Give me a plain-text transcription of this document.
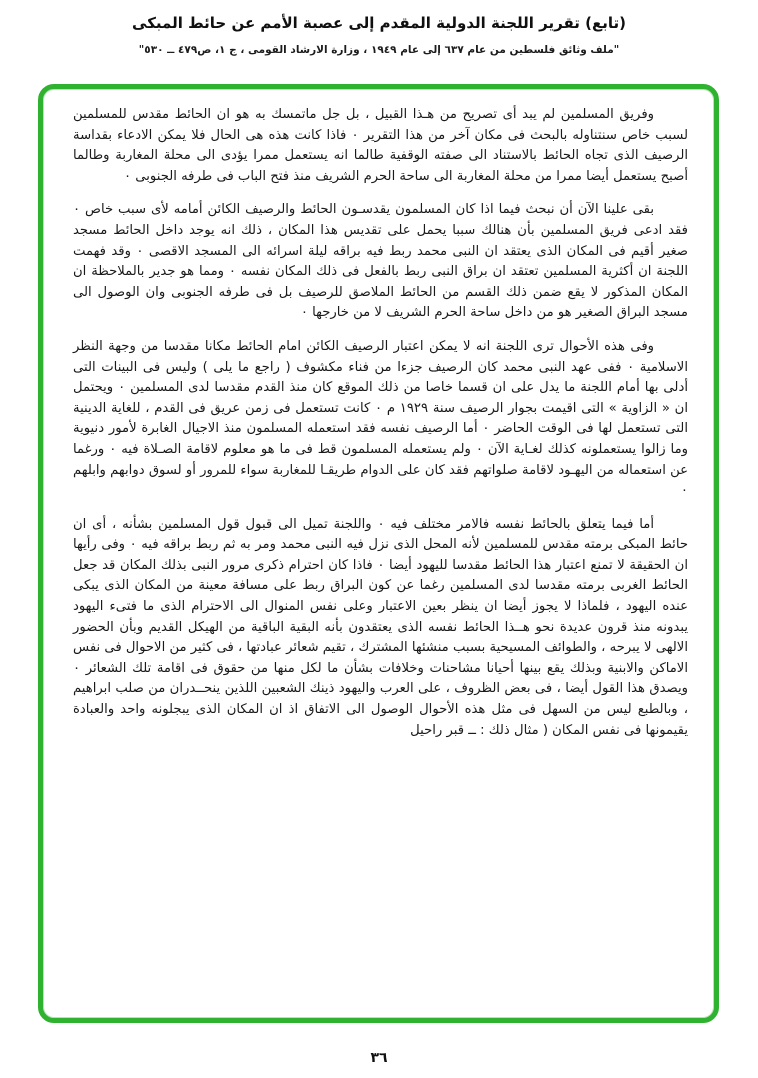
(تابع) تقرير اللجنة الدولية المقدم إلى عصبة الأمم عن حائط المبكى
"ملف وثائق فلسطين من عام ٦٣٧ إلى عام ١٩٤٩ ، وزارة الارشاد القومى ، ج ١، ص٤٧٩ ــ ٥٣٠"

وفريق المسلمين لم يبد أى تصريح من هـذا القبيل ، بل جل ماتمسك به هو ان الحائط مقدس للمسلمين لسبب خاص سنتناوله بالبحث فى مكان آخر من هذا التقرير ۰ فاذا كانت هذه هى الحال فلا يمكن الادعاء بقداسة الرصيف الذى تجاه الحائط بالاستناد الى صفته الوقفية طالما انه يستعمل ممرا يؤدى الى محلة المغاربة وطالما أصبح يستعمل أيضا ممرا من محلة المغاربة الى ساحة الحرم الشريف منذ فتح الباب فى طرفه الجنوبى ۰

بقى علينا الآن أن نبحث فيما اذا كان المسلمون يقدسـون الحائط والرصيف الكائن أمامه لأى سبب خاص ۰ فقد ادعى فريق المسلمين بأن هنالك سببا يحمل على تقديس هذا المكان ، ذلك انه يوجد داخل الحائط مسجد صغير أقيم فى المكان الذى يعتقد ان النبى محمد ربط فيه براقه ليلة اسرائه الى المسجد الاقصى ۰ وقد فهمت اللجنة ان أكثرية المسلمين تعتقد ان براق النبى ربط بالفعل فى ذلك المكان نفسه ۰ ومما هو جدير بالملاحظة ان المكان المذكور لا يقع ضمن ذلك القسم من الحائط الملاصق للرصيف بل فى طرفه الجنوبى وان الوصول الى مسجد البراق الصغير هو من داخل ساحة الحرم الشريف لا من خارجها ۰

وفى هذه الأحوال ترى اللجنة انه لا يمكن اعتبار الرصيف الكائن امام الحائط مكانا مقدسا من وجهة النظر الاسلامية ۰ ففى عهد النبى محمد كان الرصيف جزءا من فناء مكشوف ( راجع ما يلى ) وليس فى البينات التى أدلى بها أمام اللجنة ما يدل على ان قسما خاصا من ذلك الموقع كان منذ القدم مقدسا لدى المسلمين ۰ ويحتمل ان « الزاوية » التى اقيمت بجوار الرصيف سنة ١٩٢٩ م ۰ كانت تستعمل فى زمن عريق فى القدم ، للغاية الدينية التى تستعمل لها فى الوقت الحاضر ۰ أما الرصيف نفسه فقد استعمله المسلمون منذ الاجيال الغابرة لأمور دنيوية وما زالوا يستعملونه كذلك لغـاية الآن ۰ ولم يستعمله المسلمون قط فى ما هو معلوم لاقامة الصـلاة فيه ۰ ورغما عن استعماله من اليهـود لاقامة صلواتهم فقد كان على الدوام طريقـا للمغاربة سواء للمرور أو لسوق دوابهم وابلهم ۰

أما فيما يتعلق بالحائط نفسه فالامر مختلف فيه ۰ واللجنة تميل الى قبول قول المسلمين بشأنه ، أى ان حائط المبكى برمته مقدس للمسلمين لأنه المحل الذى نزل فيه النبى محمد ومر به ثم ربط براقه فيه ۰ وفى رأيها ان الحقيقة لا تمنع اعتبار هذا الحائط مقدسا لليهود أيضا ۰ فاذا كان احترام ذكرى مرور النبى بذلك المكان قد جعل الحائط الغربى برمته مقدسا لدى المسلمين رغما عن كون البراق ربط على مسافة معينة من المكان الذى يبكى عنده اليهود ، فلماذا لا يجوز أيضا ان ينظر بعين الاعتبار وعلى نفس المنوال الى الاحترام الذى ما فتىء اليهود يبدونه منذ قرون عديدة نحو هــذا الحائط نفسه الذى يعتقدون بأنه البقية الباقية من الهيكل القديم وبأن الحضور الالهى لا يبرحه ، والطوائف المسيحية بسبب منشئها المشترك ، تقيم شعائر عبادتها ، فى كثير من الاحوال فى نفس الاماكن والابنية وبذلك يقع بينها أحيانا مشاحنات وخلافات بشأن ما لكل منها من حقوق فى اقامة تلك الشعائر ۰ ويصدق هذا القول أيضا ، فى بعض الظروف ، على العرب واليهود ذينك الشعبين اللذين ينحــدران من صلب ابراهيم ، وبالطبع ليس من السهل فى مثل هذه الأحوال الوصول الى الاتفاق اذ ان المكان الذى يبجلونه واحد والعبادة يقيمونها فى نفس المكان ( مثال ذلك : ــ قبر راحيل

٣٦
